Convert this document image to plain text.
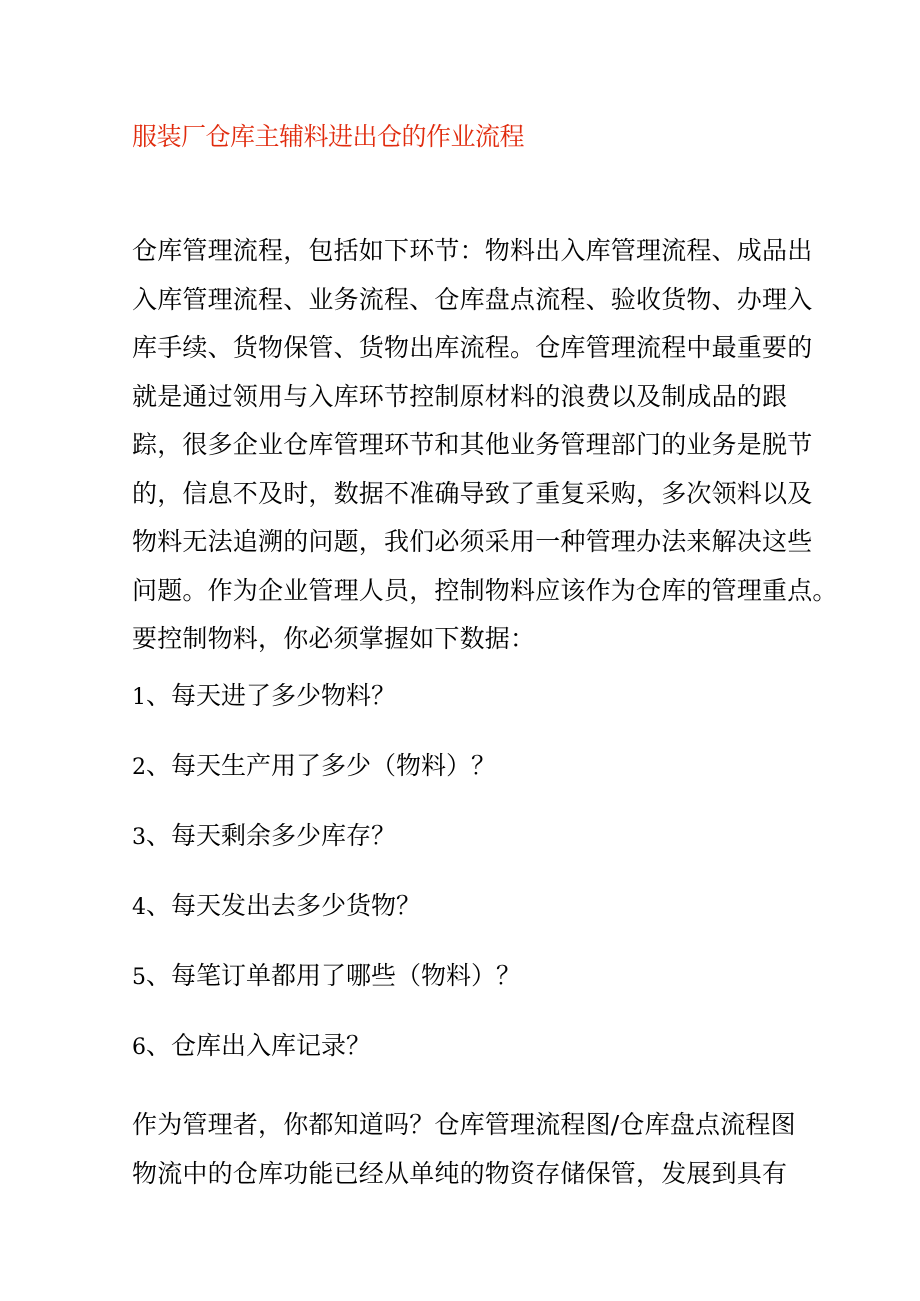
服装厂仓库主辅料进出仓的作业流程
仓库管理流程，包括如下环节：物料出入库管理流程、成品出
入库管理流程、业务流程、仓库盘点流程、验收货物、办理入
库手续、货物保管、货物出库流程。仓库管理流程中最重要的
就是通过领用与入库环节控制原材料的浪费以及制成品的跟
踪，很多企业仓库管理环节和其他业务管理部门的业务是脱节
的，信息不及时，数据不准确导致了重复采购，多次领料以及
物料无法追溯的问题，我们必须采用一种管理办法来解决这些
问题。作为企业管理人员，控制物料应该作为仓库的管理重点。
要控制物料，你必须掌握如下数据：
1、每天进了多少物料？
2、每天生产用了多少（物料）？
3、每天剩余多少库存？
4、每天发出去多少货物？
5、每笔订单都用了哪些（物料）？
6、仓库出入库记录？
作为管理者，你都知道吗？仓库管理流程图/仓库盘点流程图
物流中的仓库功能已经从单纯的物资存储保管，发展到具有
